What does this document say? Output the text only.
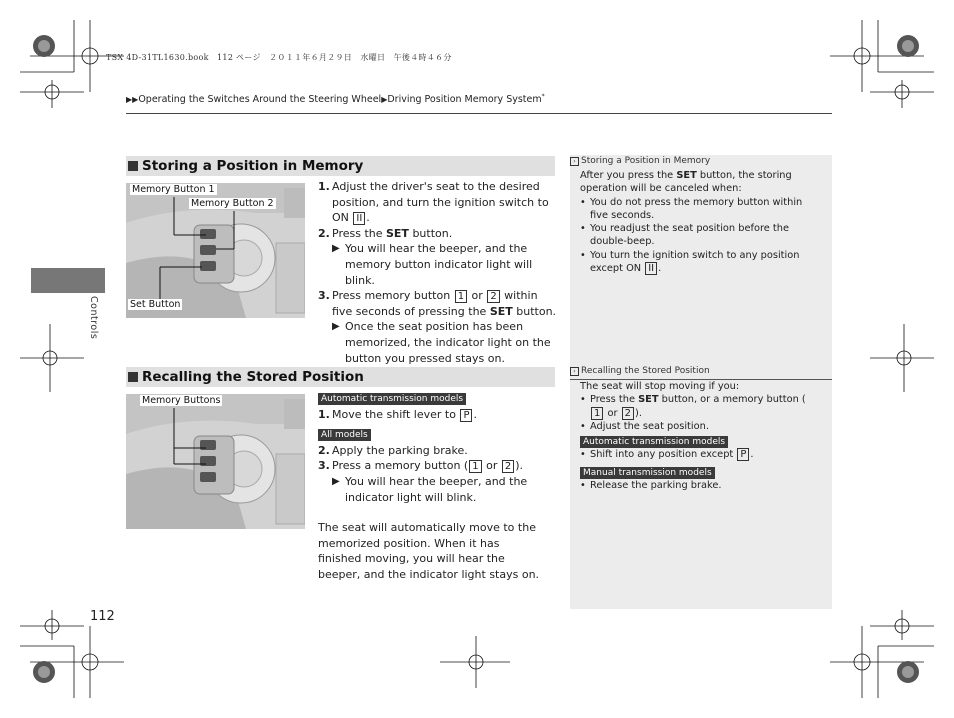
TSX 4D-31TL1630.book　112 ページ　２０１１年６月２９日　水曜日　午後４時４６分
▶▶Operating the Switches Around the Steering Wheel▶Driving Position Memory System*
Controls
Storing a Position in Memory
Memory Button 1
Memory Button 2
Set Button
1. Adjust the driver's seat to the desired position, and turn the ignition switch to ON II .
2. Press the SET button.
▶ You will hear the beeper, and the memory button indicator light will blink.
3. Press memory button 1 or 2 within five seconds of pressing the SET button.
▶ Once the seat position has been memorized, the indicator light on the button you pressed stays on.
Recalling the Stored Position
Memory Buttons	Automatic transmission models
1. Move the shift lever to P .
All models
2. Apply the parking brake.
3. Press a memory button ( 1 or 2 ).
▶ You will hear the beeper, and the indicator light will blink.
The seat will automatically move to the memorized position. When it has finished moving, you will hear the beeper, and the indicator light stays on.
› Storing a Position in Memory
After you press the SET button, the storing operation will be canceled when:
• You do not press the memory button within five seconds.
• You readjust the seat position before the double-beep.
• You turn the ignition switch to any position except ON II .
› Recalling the Stored Position
The seat will stop moving if you:
• Press the SET button, or a memory button (1 or 2 ).
• Adjust the seat position.
Automatic transmission models
• Shift into any position except P .
Manual transmission models
• Release the parking brake.
112
